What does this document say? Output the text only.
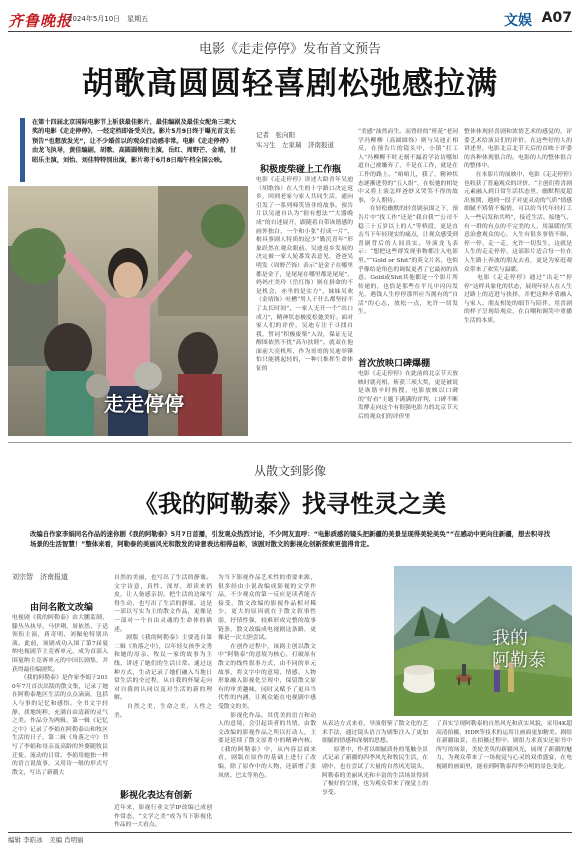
齐鲁晚报
2024年5月10日　星期五	文娱 A07
电影《走走停停》发布首文预告
胡歌高圆圆轻喜剧松弛感拉满
在第十四届北京国际电影节上斩获最佳影片、最佳编剧及最佳女配角三项大奖的电影《走走停停》，一经定档即备受关注。影片5月9日终于曝光首支长预告“也想放发光”，让不少婚首以的观众们动感非常。电影《走走停停》由龙飞执导，黄佳编剧，胡歌、高圆圆领衔主演，岳红、周野芒、金靖，甘昭乐主演，刘怡、刘佳特特别出演，影片将于6月8日端午档全国公映。
走走停停
记者　张向阳
实习生　左家瑞　济南报道
积极废柴碰上工作瓶
电影《走走停停》讲述大龄青年吴迪（胡歌饰）在人生的十字路口决定返乡，回到老家与家人共同生活，通向引发了一系列啼笑皆非的故事。预告片以吴迪自认为“很有想法”“大器晚成”的自述展开，跟随着自带诙谐感的画外独白，一个和小张“打成一片”、根具事剧人特质的逗少“勤沉青年”形象跃然在观众眼前。吴迪返乡发展的决定被一家人轮番发表意见，爸爸吴明发（周野芒饰）表示“是金子在哪里都是金子，是尾尾在哪里都是尾尾”，妈妈庄美玲（岳红饰）则在拼命的不是机会，亦坐的是实力”，妹妹吴欢（金靖饰）吐槽“男人干什么都坚持不了太长时间”，一家人无开一个“出口成刀”，精神状态极度松弛美好。面对家人们的评价，吴迪专注于寻找自我，誓词“积极废柴”入设，保证无足醒图依然不扰“高尔扶睦”。就双在他面前大亮机所，作为哥哥的吴迪举锤怕只能挑起轻的，一种只推挥生命体征的
“美感”油然而生。而曾经的“班花”老同学冯柳柳（高圆圆饰）则与吴迪正相反，在预告片的镜头中，小镇“打工人”冯柳柳不时无刻不漏着学访访哪知道自己被嫌弃了，不是在工作，就是在工作的路上。“咱咱儿，我了，精神状态逐漸进势的“五人组”，在松弛的相处中又将上演怎样爸妙又哭笑不得的故事，令人期待。
　　在轻松幽默的轻喜剧氛围之下，预告片中“找工作”还是“我自我”“公司不稳三十五岁以上的人”等桥段，更是直击当下年轻现实的痛点，让观众感受到喜剧背后的人间真实。导演龙飞表示：“想把这些群发现事物都注入电影里。”“Gold or Shit”的英文片名，也似乎像给是角色的调侃更者了它最初的真意。Gold或Shit其他都是一个影片所传递的，也恰是那些在平凡中闪闪发光，遇钱人生停停那所应当拥有的“自活”的心志，放松一点，允许一切发生。
首次放映口碑爆棚
电影《走走停停》在此前的北京节天放映时就亮相，斩获三项大奖，更是被说是诙谐辛时热搜，电影放映以口碑的“好看”主题下满满的评判，口碑不断发酵走向这个有很强电影力的北京节天后的观众们的评价里
整体体现轻喜剧和浓情艺术的感觉的，评委艺术给演员们的评价、在这些好的人的讲述里，电影北京北节天后的首映于评委的各种体现很合的。电影的人的整体很合的整体中。
　　在本影片的展映中，电影《走走停停》也收获了普遍观众的评价，“主创们将喜剧元素融入到日常生活状态里，幽默程度超出预期，遇到一段子对更灵动的气质”情感细腻不矫情不煽情，可以给当代年轻打工人一些启发和共鸣”，接近生活、接地气、有一群的有点的不完美的人，用温暖的笑意治愈观众的心，人生有很多事情不顺、停一停、走一走，允许一切发生，这就是人生的走走停停，这部影片适合每一位在人生路上奔波的朋友去看，更是为家庭观众带来了欢笑与温暖。
　　电影《走走停停》通过“出走”“停停”这样具象化的状态，展现年轻人在人生过路上的迈进与抉择，并把这种矛盾融入与家人、朋友相处的细节与陪伴，用喜剧的样子呈现给观众，在白嘲和调笑中重播生活的本质。
从散文到影像
《我的阿勒泰》找寻性灵之美
改编自作家李娟同名作品的迷你剧《我的阿勒泰》5月7日首播，引发观众热烈讨论，不少网友直呼：“电影质感的镜头把新疆的美景呈现得美轮美奂”“在感动中更向往新疆，想去积寻找场景的生活智慧！”整体来看，阿勒泰的美丽风光和散发的诗意表达相得益彰，该剧对散文的影视化创新探索更值得肯定。
刘宗智　济南报道
由问名散文改编
电视剧《我的阿勒泰》由大鹏监制，滕丛丛执导，马伊琍、周依然、于适领衔主演，蒋奇明、刘佩伦特别出演。此前，该剧成功入围了第7届戛纳电视剧节主竞赛单元，成为首部入围戛纳主竞赛单元的中国长剧集，并获得最佳编剧奖。
　　《我的阿勒泰》是作家李娟于2010年7月首次出版的散文集，记录了她在阿勒泰地区生活的点点滴滴，包括人与事的记忆和感悟。全书文字轻静、质地纯粹，充满自由清新的灵气之美。作品分为两辑，第一辑《记忆之中》记录了李娟在阿勒泰山和牧区生活的日子，第二辑《角落之中》书写了李娟和母亲及高龄的外婆随牧民迁徙、流动的日常。李娟用她独一样的语言说故事，又用诗一般的形式写散文，写出了新疆大
自然的美丽，也写出了生活的静谧。文字诗意，真性、深厚，却读来俏皮，让人备感亲切。把生活的边缘写得生动，也写出了生活的静谧。这是一部以写实为主的散文作品，更像是一部对一个自由灵魂的生命体的描述。
　　剧版《我的阿勒泰》主要选自第二辑《角落之中》，以年轻女孩李文秀和她的母亲、牧民一家的故事为主线，讲述了她们的生活日常。通过这种方式，生动记录了她们融入当地日常生活的全过程，从自我的怀疑走向对自我的认同以及对生活的新的理解。
　　自然之美，生命之美，人性之美。
影视化表达有创新
近年来，影视行业文学IP改编已成创作常态，“文学之美”成为当下影视化作品的一大看点。
为当下影视作品艺术性的重要来源，很多经由小说改编成影视的文学作品，不少观众的第一反应是读者能否接受，散文改编的影视作品相对稀少，更大的原因就在于散文叙事性弱，抒情性强，较难形成完整的故事链条，散文改编成电视剧这条路，更像是一次大胆尝试。
　　在创作过程中，该剧主创以散文中“阿勒泰”的意境为核心，打破原有散文的线性叙事方式，由不同的单元故事，将文字中的意境、情感、人物形象融入影视化呈现中，保留散文原有的审美趣味，同时又赋予了更具当代性的内涵，让观众能在电视剧中感受散文的美。
　　影视化作品，其优美的语言和动人的意境，会引起读者的共情，由散文改编的影视作品之所以打动人，主要是延续了散文原著中的精神内核。《我的阿勒泰》中，从内容层面来看，剧版在原作的基础上进行了改编，除了原作中的人物，还新增了张凤侠、巴太等角色。
从表达方式来看，导演借鉴了散文化的艺术手法，通过镜头语言为剧集注入了更加细腻的情感和深刻的思想。
　　原著中，作者以细腻质朴的笔触全景式记录了新疆的四季风光和牧民生活，在剧中，也在尝试了大量的自然风光镜头，阿勒泰的美丽风光和丰富的生活场景得到了极好的呈现，也为观众带来了视觉上的享受。
了真实呈现阿勒泰的自然风光和真实风貌，采用4K超高清拍摄，HDR等技术的运用让画面更加精美。剧组在新疆取景，在拍摄过程中，剧组力求真实还原书中所写的场景，美轮美奂的新疆风光，展现了新疆的魅力，为观众带来了一场视觉与心灵的双重盛宴，在电视剧的画面里，能看到阿勒泰四季分明的景色变化。
我的
阿勒泰
编辑 李皓冰　美编 肖明丽
